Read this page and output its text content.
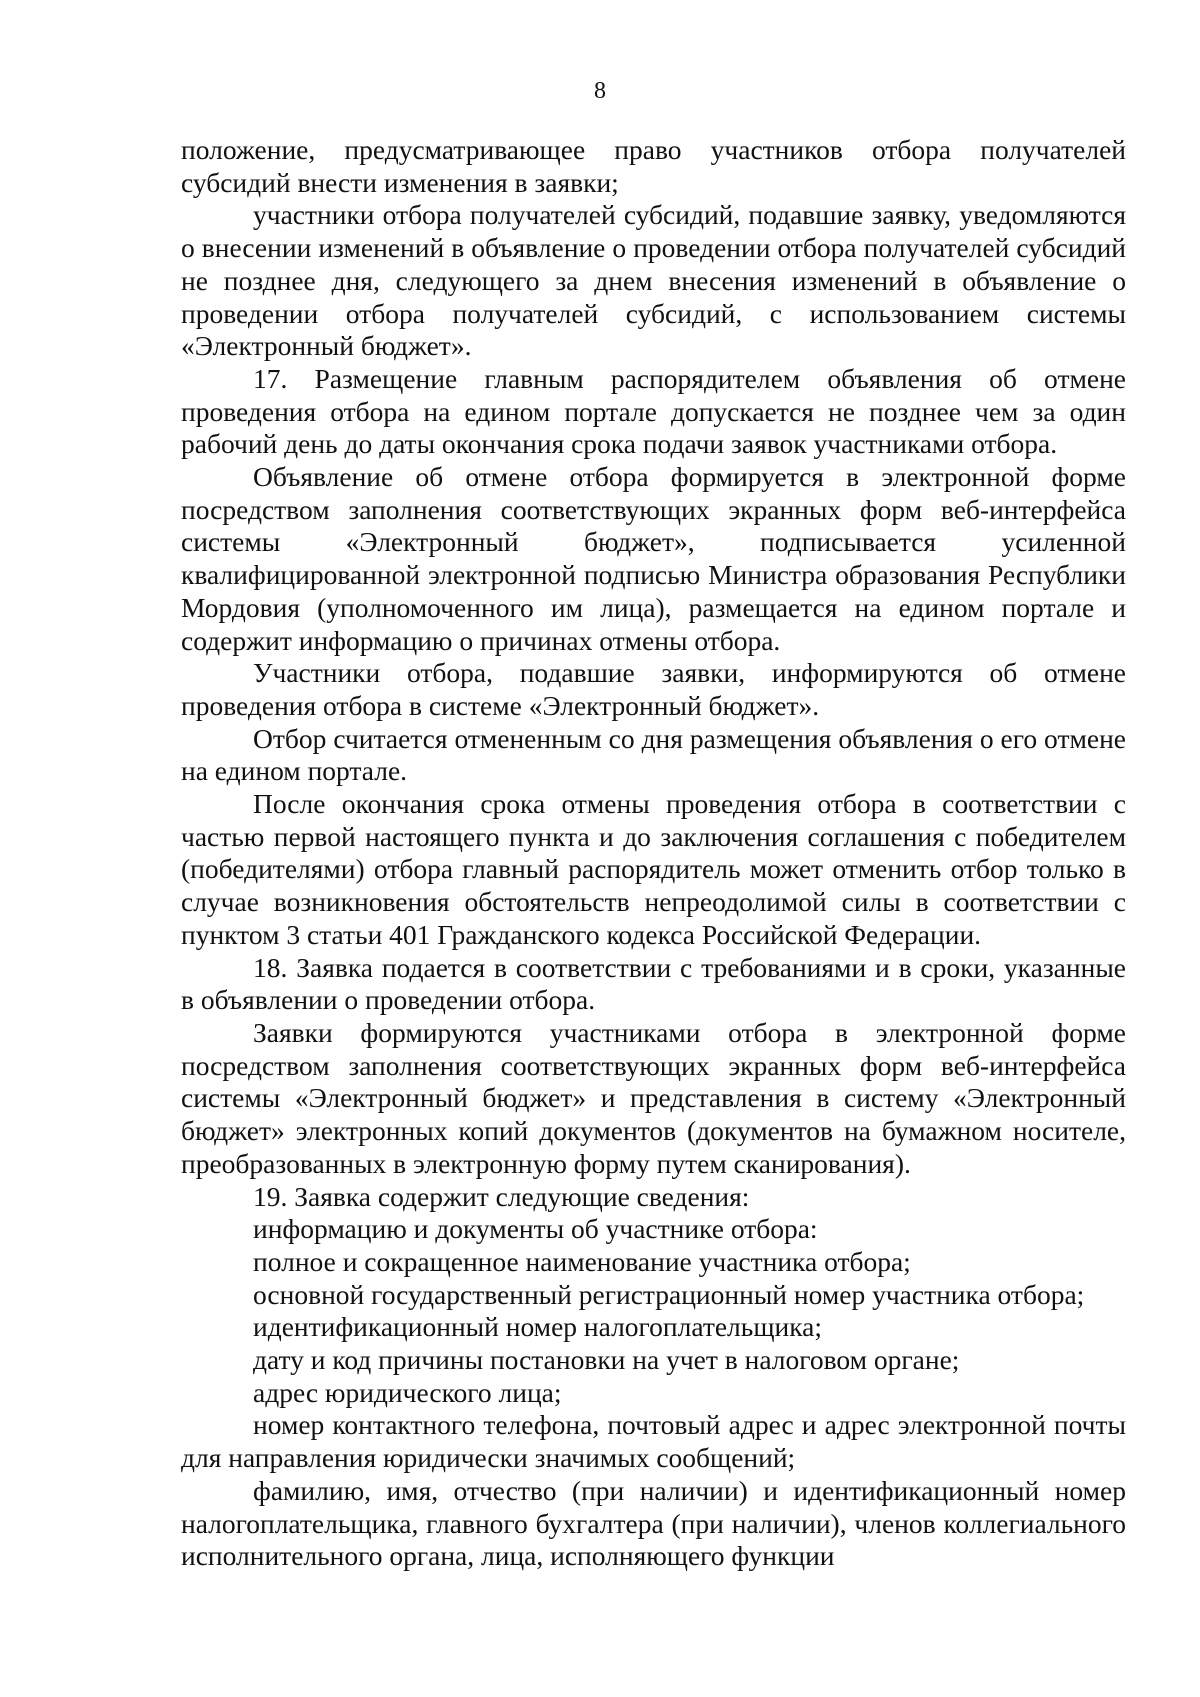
8

положение, предусматривающее право участников отбора получателей субсидий внести изменения в заявки;

участники отбора получателей субсидий, подавшие заявку, уведомляются о внесении изменений в объявление о проведении отбора получателей субсидий не позднее дня, следующего за днем внесения изменений в объявление о проведении отбора получателей субсидий, с использованием системы «Электронный бюджет».

17. Размещение главным распорядителем объявления об отмене проведения отбора на едином портале допускается не позднее чем за один рабочий день до даты окончания срока подачи заявок участниками отбора.

Объявление об отмене отбора формируется в электронной форме посредством заполнения соответствующих экранных форм веб-интерфейса системы «Электронный бюджет», подписывается усиленной квалифицированной электронной подписью Министра образования Республики Мордовия (уполномоченного им лица), размещается на едином портале и содержит информацию о причинах отмены отбора.

Участники отбора, подавшие заявки, информируются об отмене проведения отбора в системе «Электронный бюджет».

Отбор считается отмененным со дня размещения объявления о его отмене на едином портале.

После окончания срока отмены проведения отбора в соответствии с частью первой настоящего пункта и до заключения соглашения с победителем (победителями) отбора главный распорядитель может отменить отбор только в случае возникновения обстоятельств непреодолимой силы в соответствии с пунктом 3 статьи 401 Гражданского кодекса Российской Федерации.

18. Заявка подается в соответствии с требованиями и в сроки, указанные в объявлении о проведении отбора.

Заявки формируются участниками отбора в электронной форме посредством заполнения соответствующих экранных форм веб-интерфейса системы «Электронный бюджет» и представления в систему «Электронный бюджет» электронных копий документов (документов на бумажном носителе, преобразованных в электронную форму путем сканирования).

19. Заявка содержит следующие сведения:

информацию и документы об участнике отбора:

полное и сокращенное наименование участника отбора;

основной государственный регистрационный номер участника отбора;

идентификационный номер налогоплательщика;

дату и код причины постановки на учет в налоговом органе;

адрес юридического лица;

номер контактного телефона, почтовый адрес и адрес электронной почты для направления юридически значимых сообщений;

фамилию, имя, отчество (при наличии) и идентификационный номер налогоплательщика, главного бухгалтера (при наличии), членов коллегиального исполнительного органа, лица, исполняющего функции
